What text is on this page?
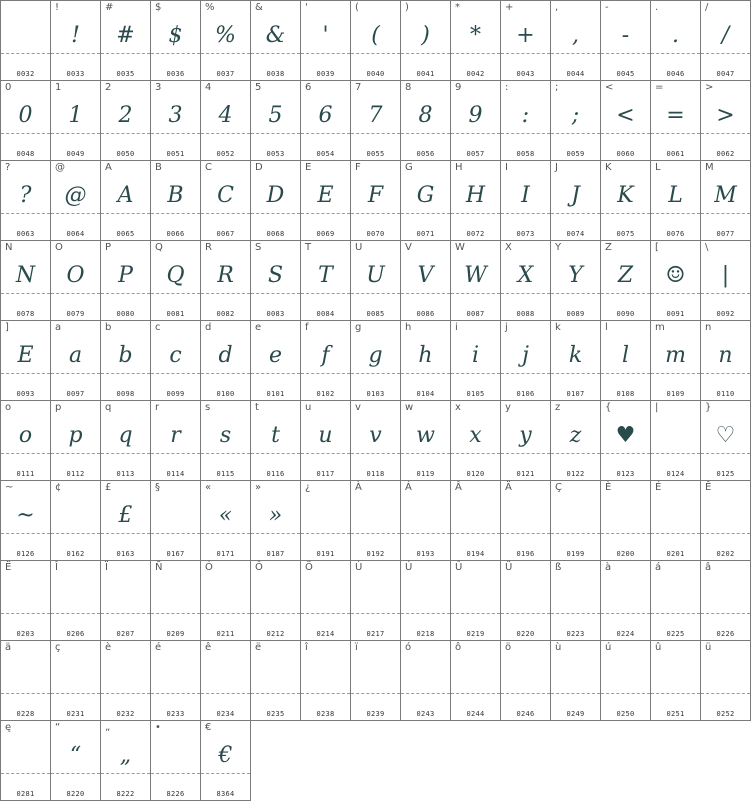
0032
!
!
0033
#
#
0035
$
$
0036
%
%
0037
&
&
0038
'
'
0039
(
(
0040
)
)
0041
*
*
0042
+
+
0043
,
,
0044
-
-
0045
.
.
0046
/
/
0047
0
0
0048
1
1
0049
2
2
0050
3
3
0051
4
4
0052
5
5
0053
6
6
0054
7
7
0055
8
8
0056
9
9
0057
:
:
0058
;
;
0059
<
<
0060
=
=
0061
>
>
0062
?
?
0063
@
@
0064
A
A
0065
B
B
0066
C
C
0067
D
D
0068
E
E
0069
F
F
0070
G
G
0071
H
H
0072
I
I
0073
J
J
0074
K
K
0075
L
L
0076
M
M
0077
N
N
0078
O
O
0079
P
P
0080
Q
Q
0081
R
R
0082
S
S
0083
T
T
0084
U
U
0085
V
V
0086
W
W
0087
X
X
0088
Y
Y
0089
Z
Z
0090
[
☺
0091
\
|
0092
]
E
0093
a
a
0097
b
b
0098
c
c
0099
d
d
0100
e
e
0101
f
f
0102
g
g
0103
h
h
0104
i
i
0105
j
j
0106
k
k
0107
l
l
0108
m
m
0109
n
n
0110
o
o
0111
p
p
0112
q
q
0113
r
r
0114
s
s
0115
t
t
0116
u
u
0117
v
v
0118
w
w
0119
x
x
0120
y
y
0121
z
z
0122
{
♥
0123
|
0124
}
♡
0125
~
~
0126
¢
0162
£
£
0163
§
0167
«
«
0171
»
»
0187
¿
0191
À
0192
Á
0193
Â
0194
Ä
0196
Ç
0199
È
0200
É
0201
Ê
0202
Ë
0203
Î
0206
Ï
0207
Ñ
0209
Ó
0211
Ô
0212
Ö
0214
Ù
0217
Ú
0218
Û
0219
Ü
0220
ß
0223
à
0224
á
0225
â
0226
ä
0228
ç
0231
è
0232
é
0233
ê
0234
ë
0235
î
0238
ï
0239
ó
0243
ô
0244
ö
0246
ù
0249
ú
0250
û
0251
ü
0252
ę
0281
“
“
8220
„
„
8222
•
8226
€
€
8364
